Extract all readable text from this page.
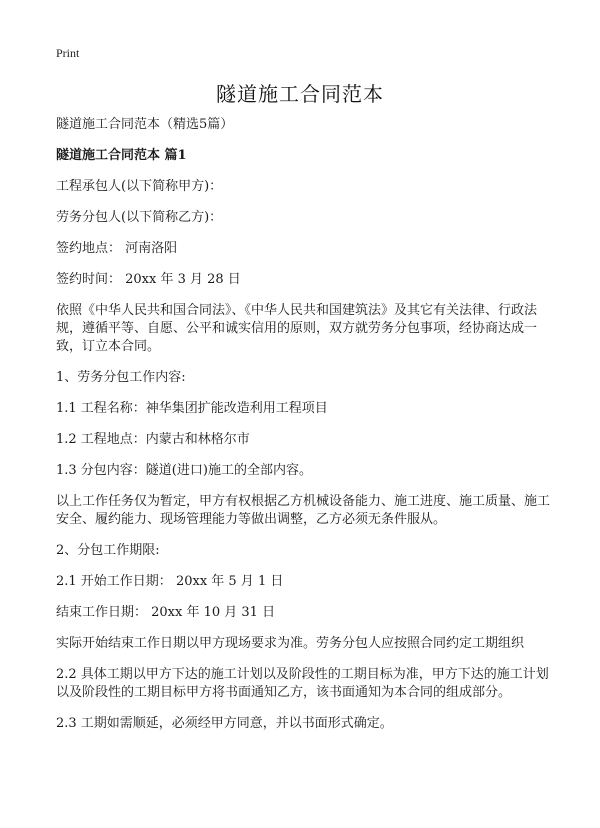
Print
隧道施工合同范本

隧道施工合同范本（精选5篇）

隧道施工合同范本 篇1

工程承包人(以下简称甲方)：

劳务分包人(以下简称乙方)：

签约地点： 河南洛阳

签约时间： 20xx 年 3 月 28 日

依照《中华人民共和国合同法》、《中华人民共和国建筑法》及其它有关法律、行政法规，遵循平等、自愿、公平和诚实信用的原则，双方就劳务分包事项，经协商达成一致，订立本合同。

1、劳务分包工作内容:

1.1 工程名称：神华集团扩能改造利用工程项目

1.2 工程地点：内蒙古和林格尔市

1.3 分包内容：隧道(进口)施工的全部内容。

以上工作任务仅为暂定，甲方有权根据乙方机械设备能力、施工进度、施工质量、施工安全、履约能力、现场管理能力等做出调整，乙方必须无条件服从。

2、分包工作期限:

2.1 开始工作日期： 20xx 年 5 月 1 日

结束工作日期： 20xx 年 10 月 31 日

实际开始结束工作日期以甲方现场要求为准。劳务分包人应按照合同约定工期组织

2.2 具体工期以甲方下达的施工计划以及阶段性的工期目标为准，甲方下达的施工计划以及阶段性的工期目标甲方将书面通知乙方，该书面通知为本合同的组成部分。

2.3 工期如需顺延，必须经甲方同意，并以书面形式确定。
